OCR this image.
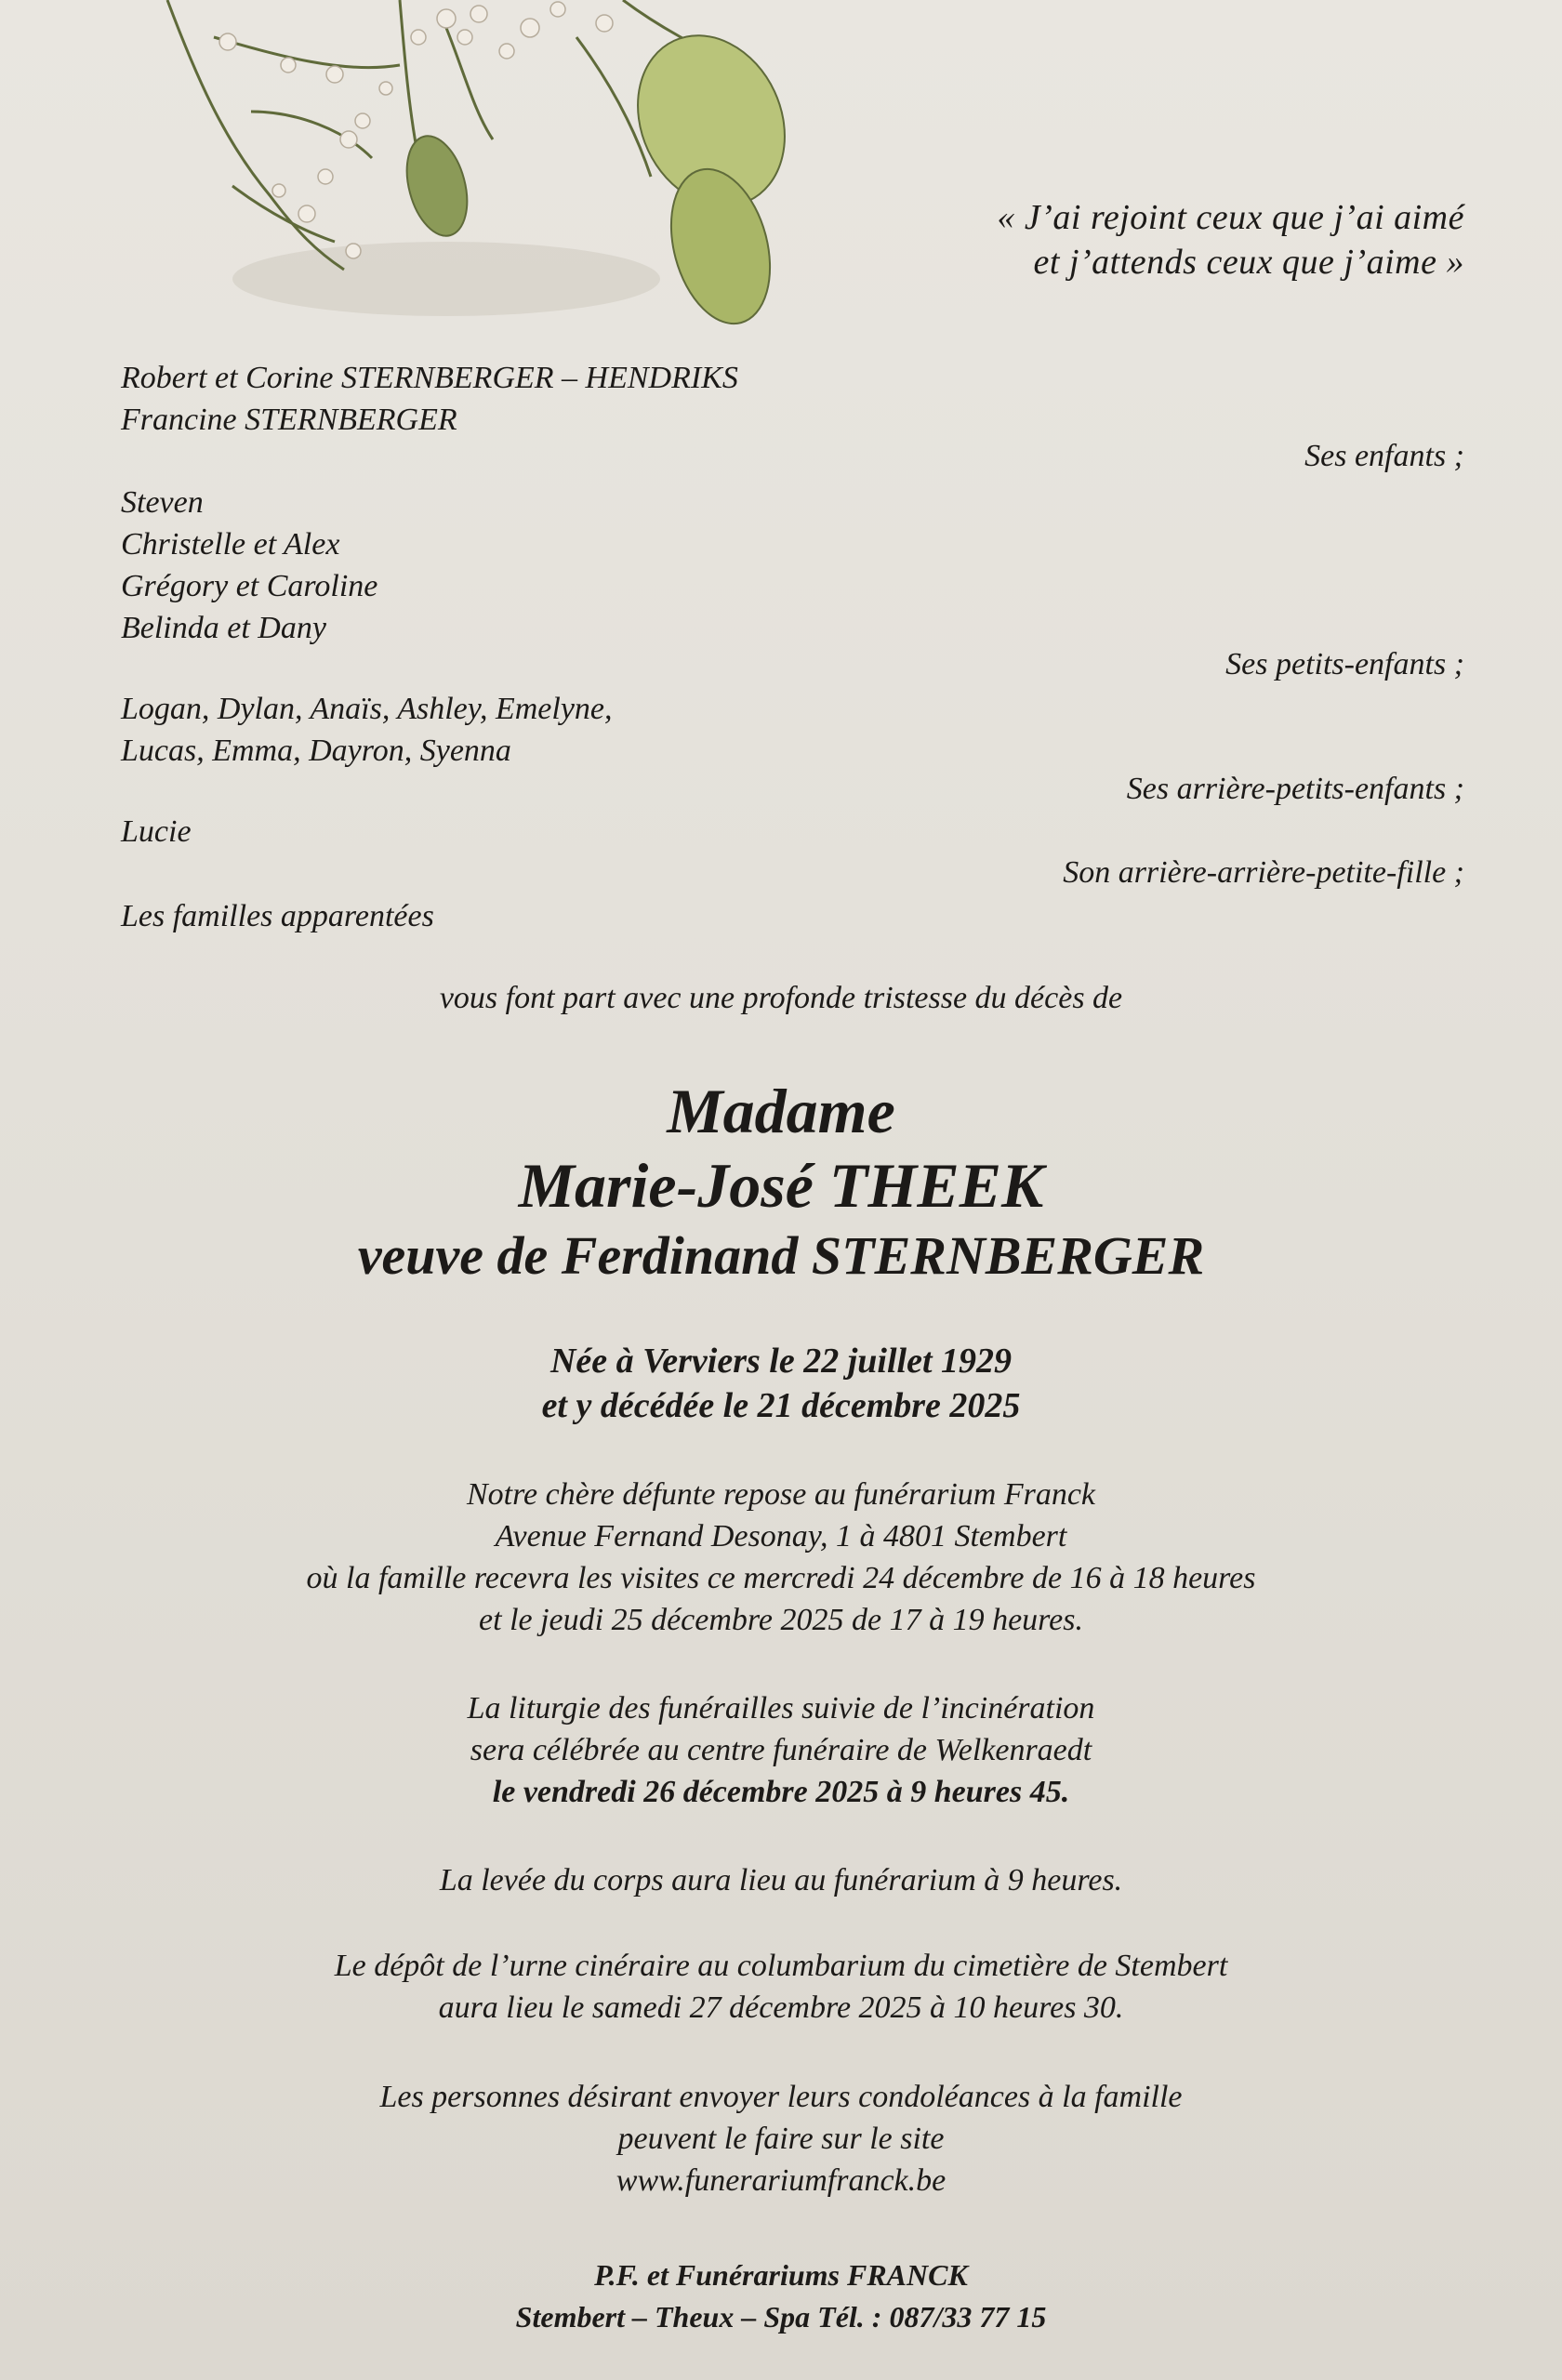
« J’ai rejoint ceux que j’ai aimé
et j’attends ceux que j’aime »
Robert et Corine STERNBERGER – HENDRIKS
Francine STERNBERGER
Ses enfants ;
Steven
Christelle et Alex
Grégory et Caroline
Belinda et Dany
Ses petits-enfants ;
Logan, Dylan, Anaïs, Ashley, Emelyne,
Lucas, Emma, Dayron, Syenna
Ses arrière-petits-enfants ;
Lucie
Son arrière-arrière-petite-fille ;
Les familles apparentées
vous font part avec une profonde tristesse du décès de
Madame
Marie-José THEEK
veuve de Ferdinand STERNBERGER
Née à Verviers le 22 juillet 1929
et y décédée le 21 décembre 2025
Notre chère défunte repose au funérarium Franck
Avenue Fernand Desonay, 1 à 4801 Stembert
où la famille recevra les visites ce mercredi 24 décembre de 16 à 18 heures
et le jeudi 25 décembre 2025 de 17 à 19 heures.
La liturgie des funérailles suivie de l’incinération
sera célébrée au centre funéraire de Welkenraedt
le vendredi 26 décembre 2025 à 9 heures 45.
La levée du corps aura lieu au funérarium à 9 heures.
Le dépôt de l’urne cinéraire au columbarium du cimetière de Stembert
aura lieu le samedi 27 décembre 2025 à 10 heures 30.
Les personnes désirant envoyer leurs condoléances à la famille
peuvent le faire sur le site
www.funerariumfranck.be
P.F. et Funérariums FRANCK
Stembert – Theux – Spa Tél. : 087/33 77 15
